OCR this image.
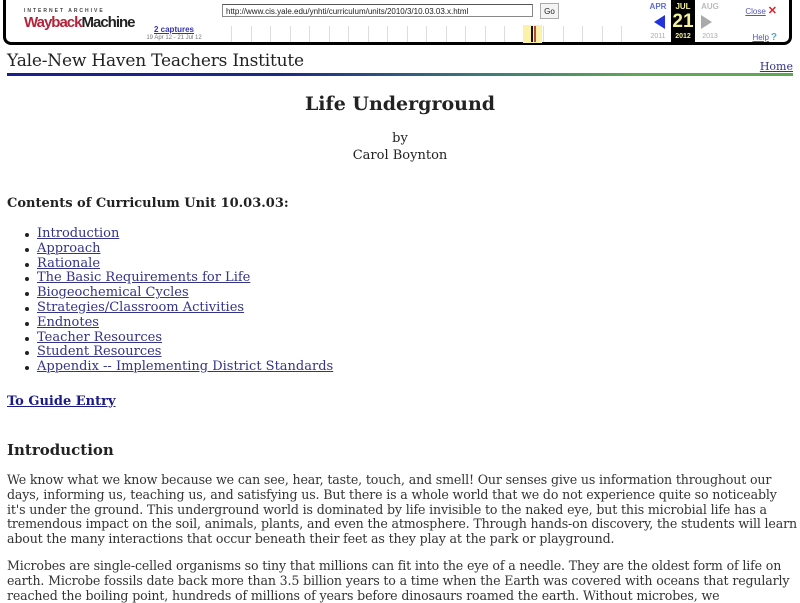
INTERNET ARCHIVE
WaybackMachine
http://www.cis.yale.edu/ynhti/curriculum/units/2010/3/10.03.03.x.html	Go
2 captures
19 Apr 12 - 21 Jul 12
APR
2011
JUL
21
2012
AUG
2013
Close ✕
Help ?
Yale-New Haven Teachers Institute	Home
Life Underground
by
Carol Boynton
Contents of Curriculum Unit 10.03.03:
Introduction
Approach
Rationale
The Basic Requirements for Life
Biogeochemical Cycles
Strategies/Classroom Activities
Endnotes
Teacher Resources
Student Resources
Appendix -- Implementing District Standards
To Guide Entry
Introduction

We know what we know because we can see, hear, taste, touch, and smell! Our senses give us information throughout our days, informing us, teaching us, and satisfying us. But there is a whole world that we do not experience quite so noticeably it's under the ground. This underground world is dominated by life invisible to the naked eye, but this microbial life has a tremendous impact on the soil, animals, plants, and even the atmosphere. Through hands-on discovery, the students will learn about the many interactions that occur beneath their feet as they play at the park or playground.

Microbes are single-celled organisms so tiny that millions can fit into the eye of a needle. They are the oldest form of life on earth. Microbe fossils date back more than 3.5 billion years to a time when the Earth was covered with oceans that regularly reached the boiling point, hundreds of millions of years before dinosaurs roamed the earth. Without microbes, we
